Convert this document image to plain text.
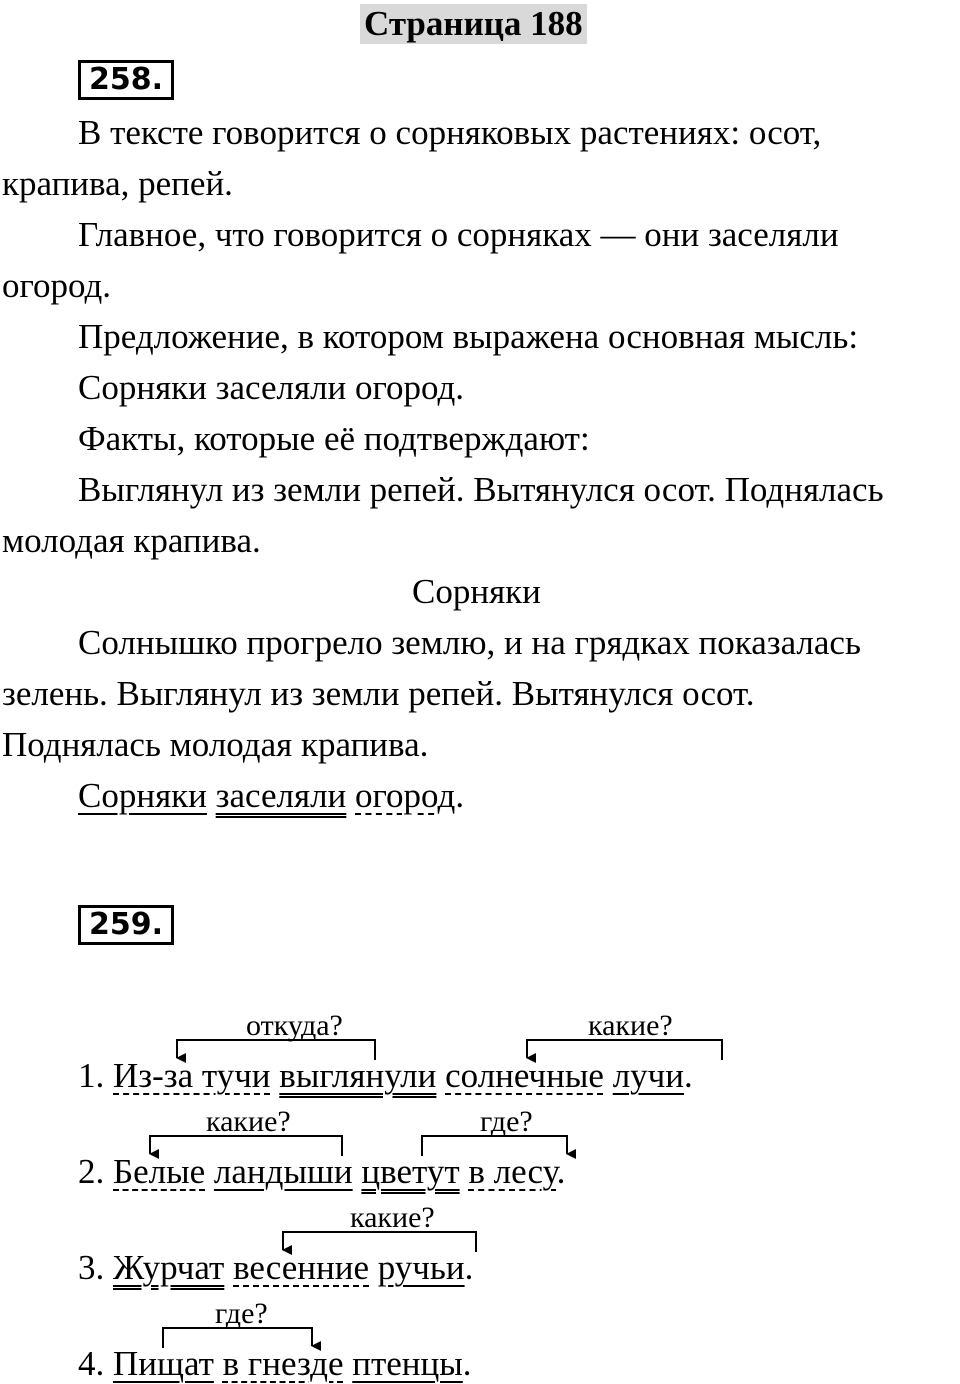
Страница 188
258.
В тексте говорится о сорняковых растениях: осот,
крапива, репей.
Главное, что говорится о сорняках — они заселяли
огород.
Предложение, в котором выражена основная мысль:
Сорняки заселяли огород.
Факты, которые её подтверждают:
Выглянул из земли репей. Вытянулся осот. Поднялась
молодая крапива.
Сорняки
Солнышко прогрело землю, и на грядках показалась
зелень. Выглянул из земли репей. Вытянулся осот.
Поднялась молодая крапива.
Сорняки заселяли огород.
259.
откуда?	какие?
какие?	где?
какие?
где?
1. Из-за тучи выглянули солнечные лучи.
2. Белые ландыши цветут в лесу.
3. Журчат весенние ручьи.
4. Пищат в гнезде птенцы.
